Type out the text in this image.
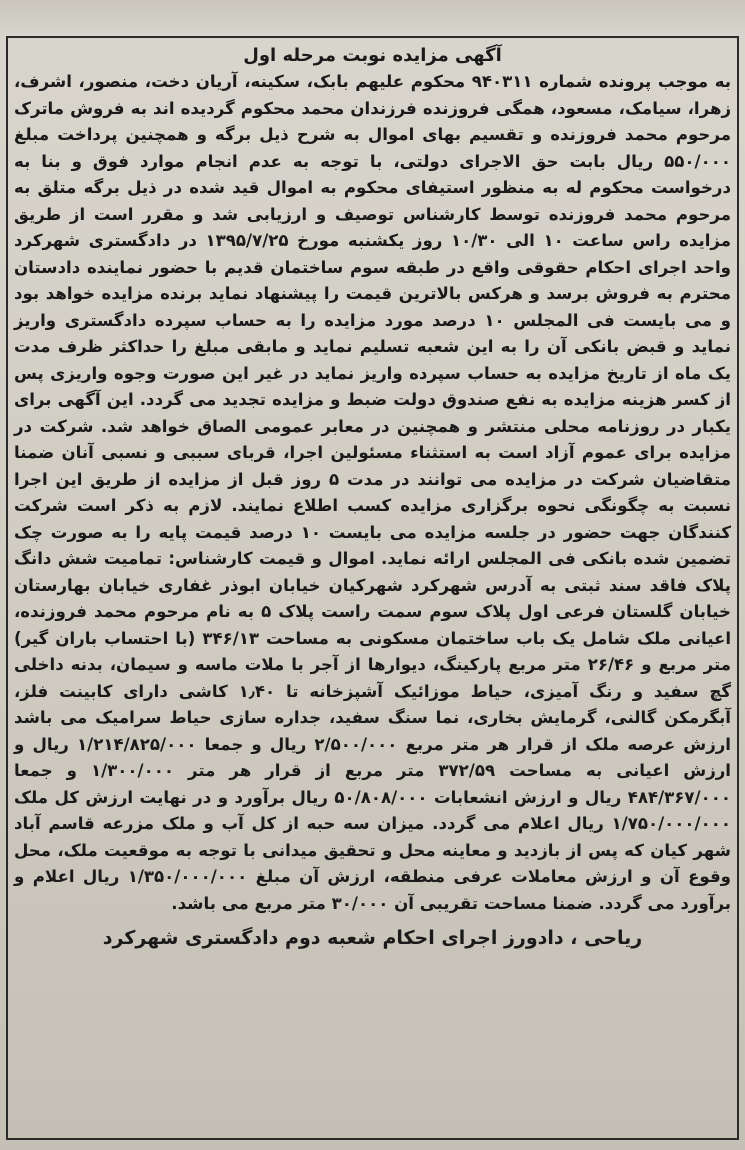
آگهی مزایده نوبت مرحله اول

به موجب پرونده شماره ۹۴۰۳۱۱ محکوم علیهم بابک، سکینه، آریان دخت، منصور، اشرف، زهرا، سیامک، مسعود، همگی فروزنده فرزندان محمد محکوم گردیده اند به فروش ماترک مرحوم محمد فروزنده و تقسیم بهای اموال به شرح ذیل برگه و همچنین پرداخت مبلغ ۵۵۰/۰۰۰ ریال بابت حق الاجرای دولتی، با توجه به عدم انجام موارد فوق و بنا به درخواست محکوم له به منظور استیفای محکوم به اموال قید شده در ذیل برگه متلق به مرحوم محمد فروزنده توسط کارشناس توصیف و ارزیابی شد و مقرر است از طریق مزایده راس ساعت ۱۰ الی ۱۰/۳۰ روز یکشنبه مورخ ۱۳۹۵/۷/۲۵ در دادگستری شهرکرد واحد اجرای احکام حقوقی واقع در طبقه سوم ساختمان قدیم با حضور نماینده دادستان محترم به فروش برسد و هرکس بالاترین قیمت را پیشنهاد نماید برنده مزایده خواهد بود و می بایست فی المجلس ۱۰ درصد مورد مزایده را به حساب سپرده دادگستری واریز نماید و قبض بانکی آن را به این شعبه تسلیم نماید و مابقی مبلغ را حداکثر ظرف مدت یک ماه از تاریخ مزایده به حساب سپرده واریز نماید در غیر این صورت وجوه واریزی پس از کسر هزینه مزایده به نفع صندوق دولت ضبط و مزایده تجدید می گردد. این آگهی برای یکبار در روزنامه محلی منتشر و همچنین در معابر عمومی الصاق خواهد شد. شرکت در مزایده برای عموم آزاد است به استثناء مسئولین اجرا، قربای سببی و نسبی آنان ضمنا متقاضیان شرکت در مزایده می توانند در مدت ۵ روز قبل از مزایده از طریق این اجرا نسبت به چگونگی نحوه برگزاری مزایده کسب اطلاع نمایند. لازم به ذکر است شرکت کنندگان جهت حضور در جلسه مزایده می بایست ۱۰ درصد قیمت پایه را به صورت چک تضمین شده بانکی فی المجلس ارائه نماید. اموال و قیمت کارشناس: تمامیت شش دانگ پلاک فاقد سند ثبتی به آدرس شهرکرد شهرکیان خیابان ابوذر غفاری خیابان بهارستان خیابان گلستان فرعی اول پلاک سوم سمت راست پلاک ۵ به نام مرحوم محمد فروزنده، اعیانی ملک شامل یک باب ساختمان مسکونی به مساحت ۳۴۶/۱۳ (با احتساب باران گیر) متر مربع و ۲۶/۴۶ متر مربع پارکینگ، دیوارها از آجر با ملات ماسه و سیمان، بدنه داخلی گچ سفید و رنگ آمیزی، حیاط موزائیک آشپزخانه تا ۱٫۴۰ کاشی دارای کابینت فلز، آبگرمکن گالنی، گرمایش بخاری، نما سنگ سفید، جداره سازی حیاط سرامیک می باشد ارزش عرصه ملک از قرار هر متر مربع ۲/۵۰۰/۰۰۰ ریال و جمعا ۱/۲۱۴/۸۲۵/۰۰۰ ریال و ارزش اعیانی به مساحت ۳۷۲/۵۹ متر مربع از قرار هر متر ۱/۳۰۰/۰۰۰ و جمعا ۴۸۴/۳۶۷/۰۰۰ ریال و ارزش انشعابات ۵۰/۸۰۸/۰۰۰ ریال برآورد و در نهایت ارزش کل ملک ۱/۷۵۰/۰۰۰/۰۰۰ ریال اعلام می گردد. میزان سه حبه از کل آب و ملک مزرعه قاسم آباد شهر کیان که پس از بازدید و معاینه محل و تحقیق میدانی با توجه به موقعیت ملک، محل وقوع آن و ارزش معاملات عرفی منطقه، ارزش آن مبلغ ۱/۳۵۰/۰۰۰/۰۰۰ ریال اعلام و برآورد می گردد. ضمنا مساحت تقریبی آن ۳۰/۰۰۰ متر مربع می باشد.

ریاحی ، دادورز اجرای احکام شعبه دوم دادگستری شهرکرد
